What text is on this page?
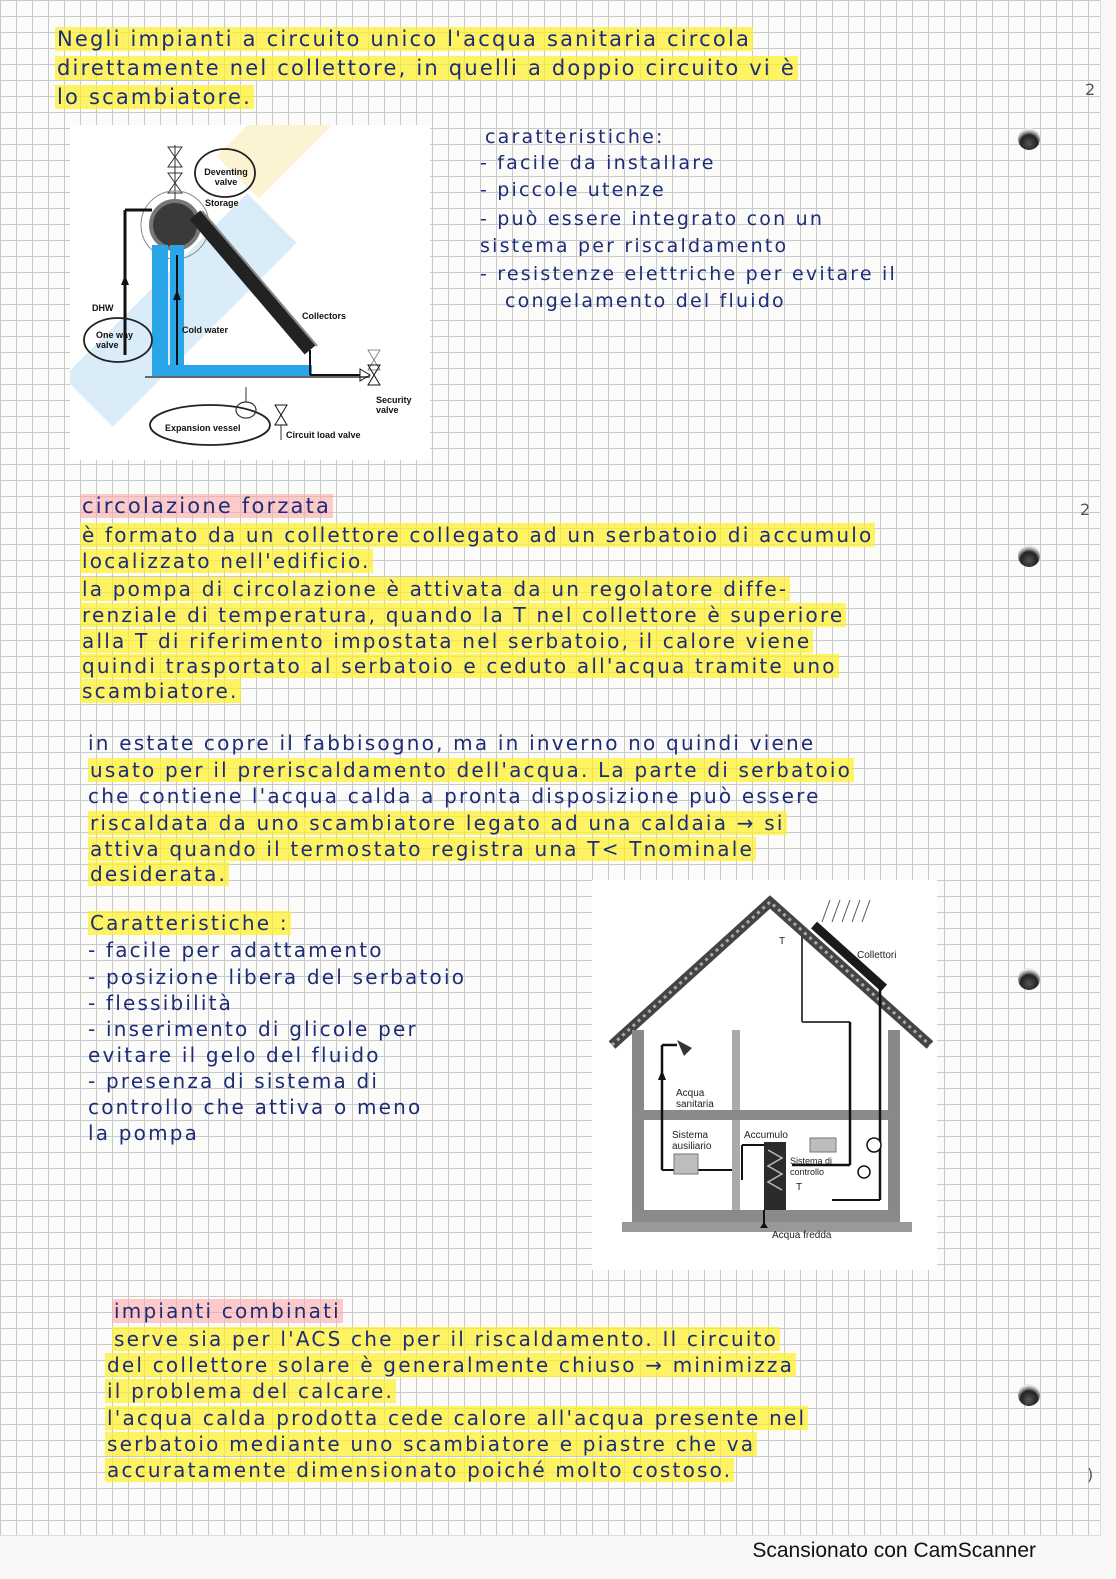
Negli impianti a circuito unico l'acqua sanitaria circola
direttamente nel collettore, in quelli a doppio circuito vi è
lo scambiatore.
Deventing valve
Storage
DHW
One way valve
Cold water
Collectors
Security valve
Expansion vessel
Circuit load valve
caratteristiche:
- facile da installare
- piccole utenze
- può essere integrato con un
sistema per riscaldamento
- resistenze elettriche per evitare il
congelamento del fluido
circolazione forzata
è formato da un collettore collegato ad un serbatoio di accumulo
localizzato nell'edificio.
la pompa di circolazione è attivata da un regolatore diffe-
renziale di temperatura, quando la T nel collettore è superiore
alla T di riferimento impostata nel serbatoio, il calore viene
quindi trasportato al serbatoio e ceduto all'acqua tramite uno
scambiatore.
in estate copre il fabbisogno, ma in inverno no quindi viene
usato per il preriscaldamento dell'acqua. La parte di serbatoio
che contiene l'acqua calda a pronta disposizione può essere
riscaldata da uno scambiatore legato ad una caldaia → si
attiva quando il termostato registra una T< Tnominale
desiderata.
Caratteristiche :
- facile per adattamento
- posizione libera del serbatoio
- flessibilità
- inserimento di glicole per
evitare il gelo del fluido
- presenza di sistema di
controllo che attiva o meno
la pompa
Collettori
Acqua sanitaria
Sistema ausiliario
Accumulo
Sistema di controllo
Acqua fredda
T
T
impianti combinati
serve sia per l'ACS che per il riscaldamento. Il circuito
del collettore solare è generalmente chiuso → minimizza
il problema del calcare.
l'acqua calda prodotta cede calore all'acqua presente nel
serbatoio mediante uno scambiatore e piastre che va
accuratamente dimensionato poiché molto costoso.
2
2
p
)
Scansionato con CamScanner
